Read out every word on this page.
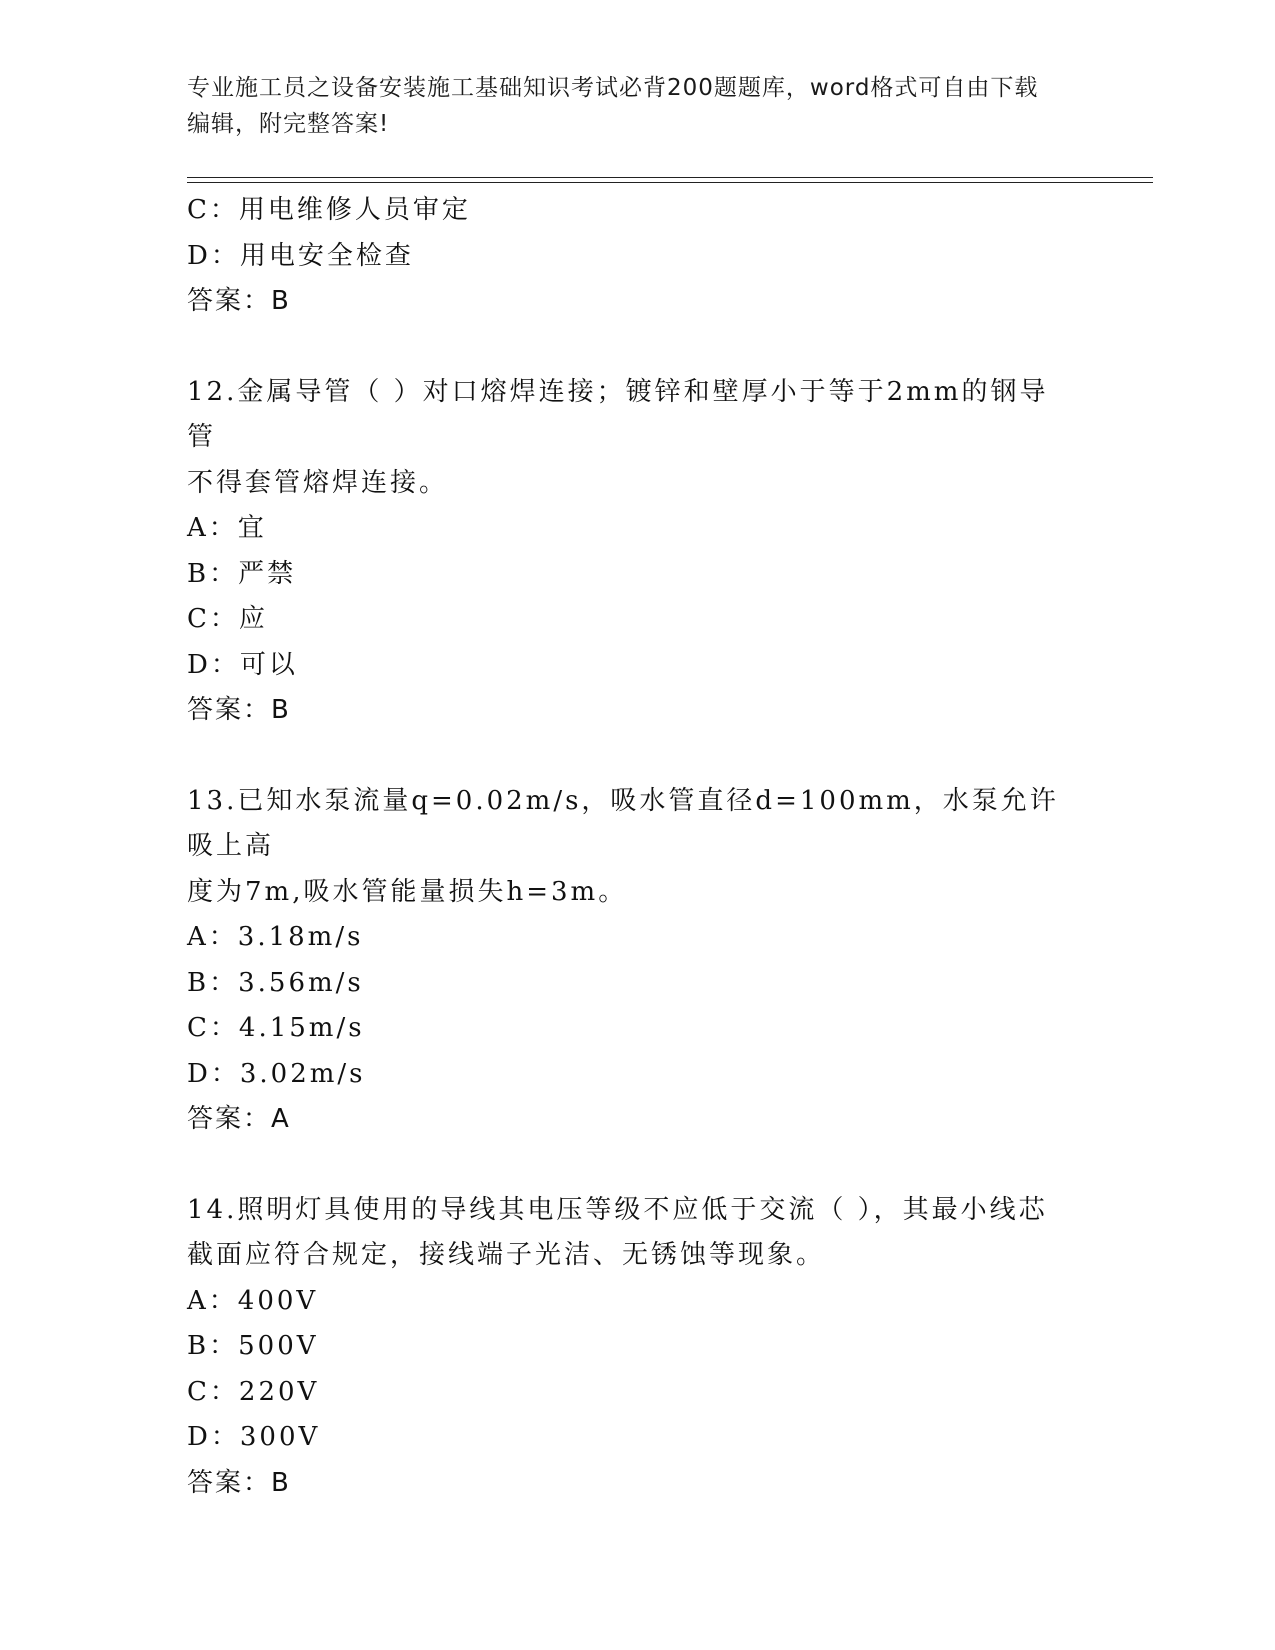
专业施工员之设备安装施工基础知识考试必背200题题库，word格式可自由下载
编辑，附完整答案!
C：用电维修人员审定
D：用电安全检查
答案：B
12.金属导管（ ）对口熔焊连接；镀锌和壁厚小于等于2mm的钢导管
不得套管熔焊连接。
A：宜
B：严禁
C：应
D：可以
答案：B
13.已知水泵流量q=0.02m/s，吸水管直径d=100mm，水泵允许吸上高
度为7m,吸水管能量损失h=3m。
A：3.18m/s
B：3.56m/s
C：4.15m/s
D：3.02m/s
答案：A
14.照明灯具使用的导线其电压等级不应低于交流（ ），其最小线芯
截面应符合规定，接线端子光洁、无锈蚀等现象。
A：400V
B：500V
C：220V
D：300V
答案：B
